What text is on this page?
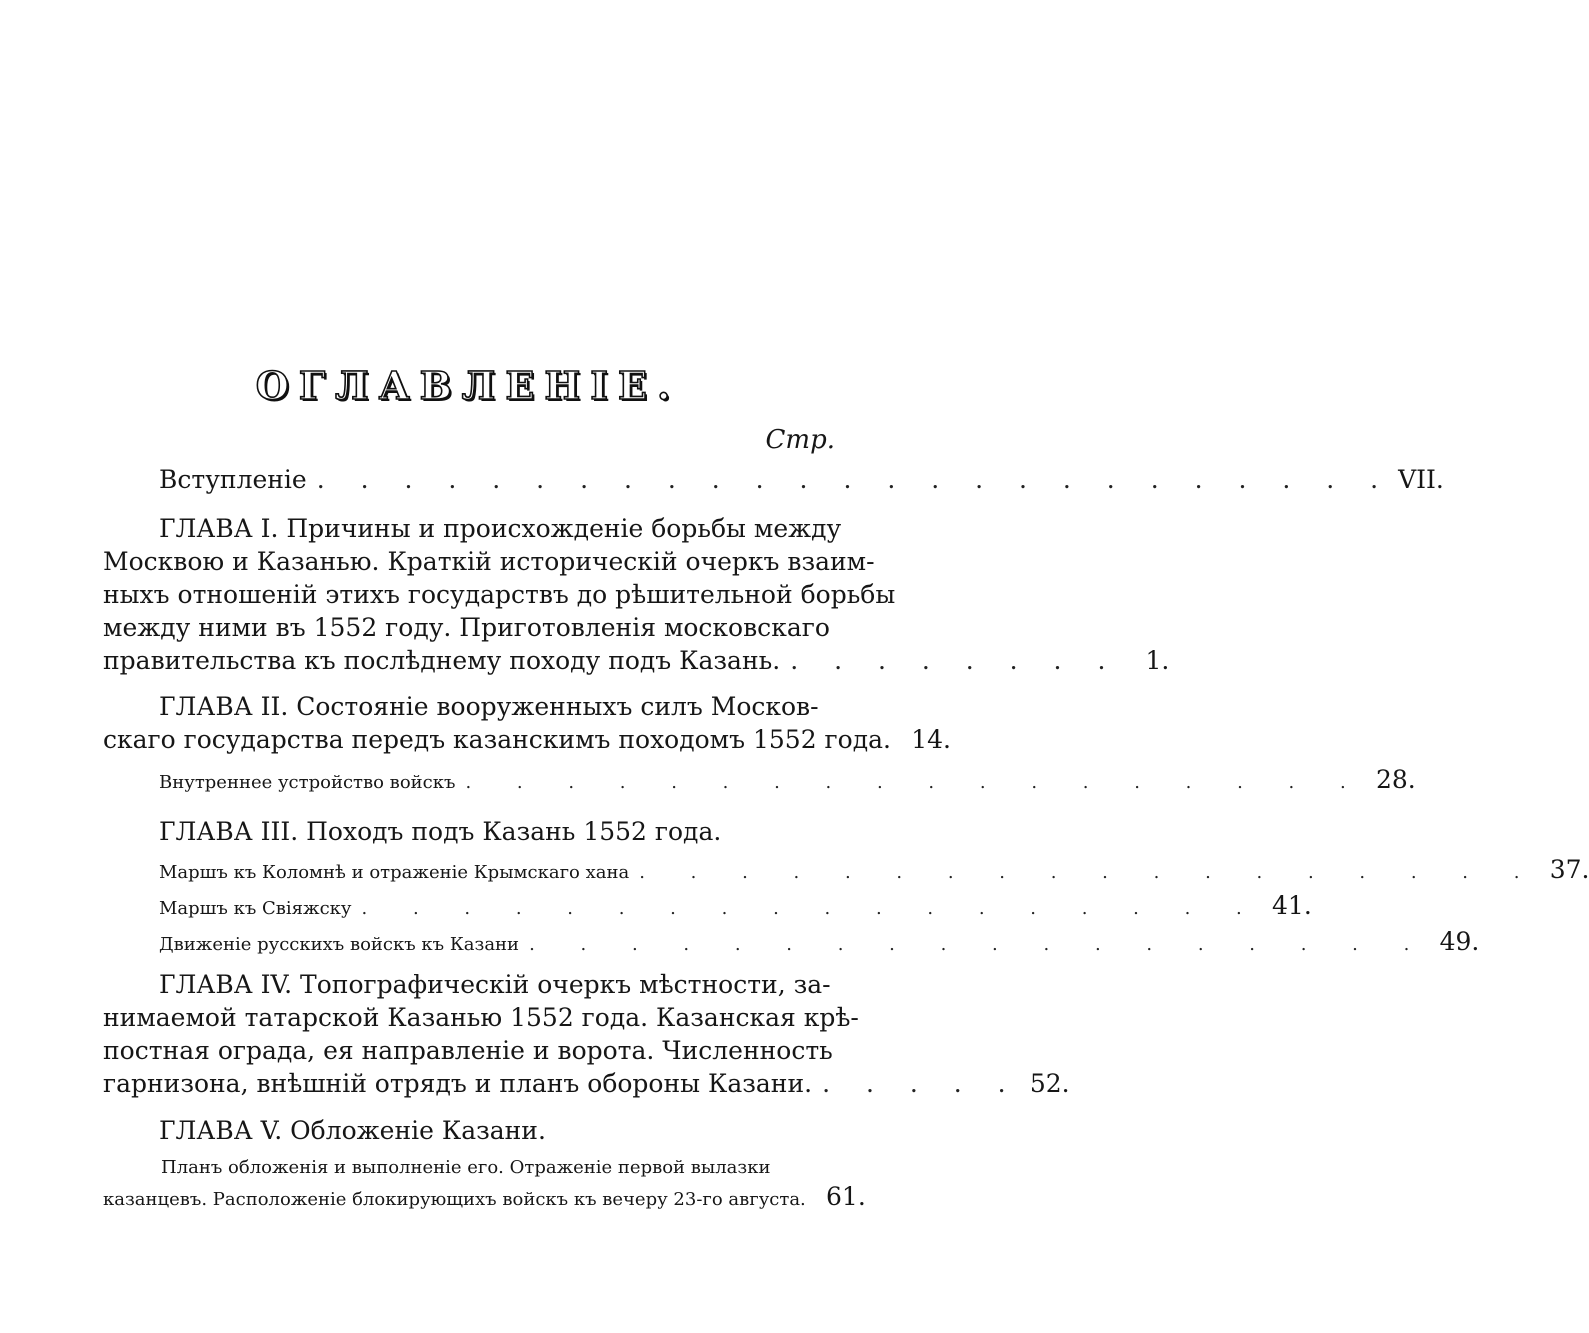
ОГЛАВЛЕНІЕ.
Стр.
Вступленіе . . . . . . . . . . . . . . . . . . . . . . . . . VII.
ГЛАВА I. Причины и происхожденіе борьбы между
Москвою и Казанью. Краткій историческій очеркъ взаим-
ныхъ отношеній этихъ государствъ до рѣшительной борьбы
между ними въ 1552 году. Приготовленія московскаго
правительства къ послѣднему походу подъ Казань. . . . . . . . .	1.
ГЛАВА II. Состояніе вооруженныхъ силъ Москов-
скаго государства передъ казанскимъ походомъ 1552 года. 14.
Внутреннее устройство войскъ . . . . . . . . . . . . . . . . . . 28.
ГЛАВА III. Походъ подъ Казань 1552 года.
Маршъ къ Коломнѣ и отраженіе Крымскаго хана . . . . . . . . . . . . . . . . . . 37.
Маршъ къ Свіяжску . . . . . . . . . . . . . . . . . . 41.
Движеніе русскихъ войскъ къ Казани . . . . . . . . . . . . . . . . . . 49.
ГЛАВА IV. Топографическій очеркъ мѣстности, за-
нимаемой татарской Казанью 1552 года. Казанская крѣ-
постная ограда, ея направленіе и ворота. Численность
гарнизона, внѣшній отрядъ и планъ обороны Казани. . . . . . 52.
ГЛАВА V. Обложеніе Казани.
Планъ обложенія и выполненіе его. Отраженіе первой вылазки
казанцевъ. Расположеніе блокирующихъ войскъ къ вечеру 23-го августа. 61.
